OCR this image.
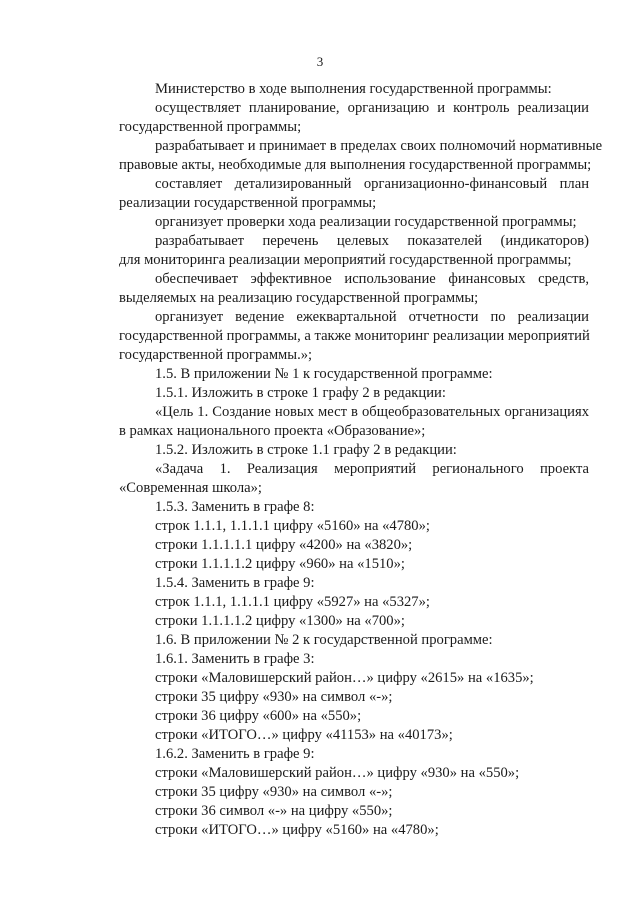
3
Министерство в ходе выполнения государственной программы:
осуществляет планирование, организацию и контроль реализации
государственной программы;
разрабатывает и принимает в пределах своих полномочий нормативные
правовые акты, необходимые для выполнения государственной программы;
составляет детализированный организационно-финансовый план
реализации государственной программы;
организует проверки хода реализации государственной программы;
разрабатывает перечень целевых показателей (индикаторов)
для мониторинга реализации мероприятий государственной программы;
обеспечивает эффективное использование финансовых средств,
выделяемых на реализацию государственной программы;
организует ведение ежеквартальной отчетности по реализации
государственной программы, а также мониторинг реализации мероприятий
государственной программы.»;
1.5. В приложении № 1 к государственной программе:
1.5.1. Изложить в строке 1 графу 2 в редакции:
«Цель 1. Создание новых мест в общеобразовательных организациях
в рамках национального проекта «Образование»;
1.5.2. Изложить в строке 1.1 графу 2 в редакции:
«Задача 1. Реализация мероприятий регионального проекта
«Современная школа»;
1.5.3. Заменить в графе 8:
строк 1.1.1, 1.1.1.1 цифру «5160» на «4780»;
строки 1.1.1.1.1 цифру «4200» на «3820»;
строки 1.1.1.1.2 цифру «960» на «1510»;
1.5.4. Заменить в графе 9:
строк 1.1.1, 1.1.1.1 цифру «5927» на «5327»;
строки 1.1.1.1.2 цифру «1300» на «700»;
1.6. В приложении № 2 к государственной программе:
1.6.1. Заменить в графе 3:
строки «Маловишерский район…» цифру «2615» на «1635»;
строки 35 цифру «930» на символ «-»;
строки 36 цифру «600» на «550»;
строки «ИТОГО…» цифру «41153» на «40173»;
1.6.2. Заменить в графе 9:
строки «Маловишерский район…» цифру «930» на «550»;
строки 35 цифру «930» на символ «-»;
строки 36 символ «-» на цифру «550»;
строки «ИТОГО…» цифру «5160» на «4780»;
